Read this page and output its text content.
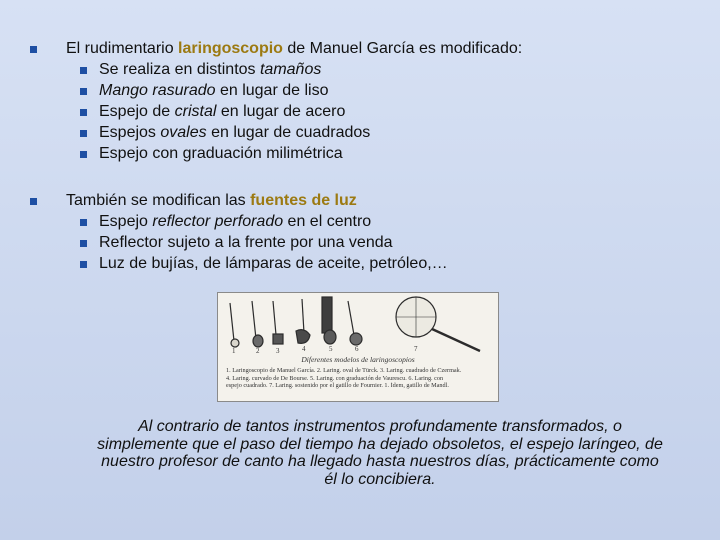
El rudimentario laringoscopio de Manuel García es modificado:
Se realiza en distintos tamaños
Mango rasurado en lugar de liso
Espejo de cristal en lugar de acero
Espejos ovales en lugar de cuadrados
Espejo con graduación milimétrica
También se modifican las fuentes de luz
Espejo reflector perforado en el centro
Reflector sujeto a la frente por una venda
Luz de bujías, de lámparas de aceite, petróleo,…
1	2 3	4	5	6	7
Diferentes modelos de laringoscopios
1. Laringoscopio de Manuel García. 2. Laring. oval de Türck. 3. Laring. cuadrado de Czermak.
4. Laring. curvado de De Bourse. 5. Laring. con graduación de Vaurescu. 6. Laring. con
espejo cuadrado. 7. Laring. sostenido por el gatillo de Fournier. 1. Ídem, gatillo de Mandl.
Al contrario de tantos instrumentos profundamente transformados, o simplemente que el paso del tiempo ha dejado obsoletos, el espejo laríngeo, de nuestro profesor de canto ha llegado hasta nuestros días, prácticamente como él lo concibiera.
